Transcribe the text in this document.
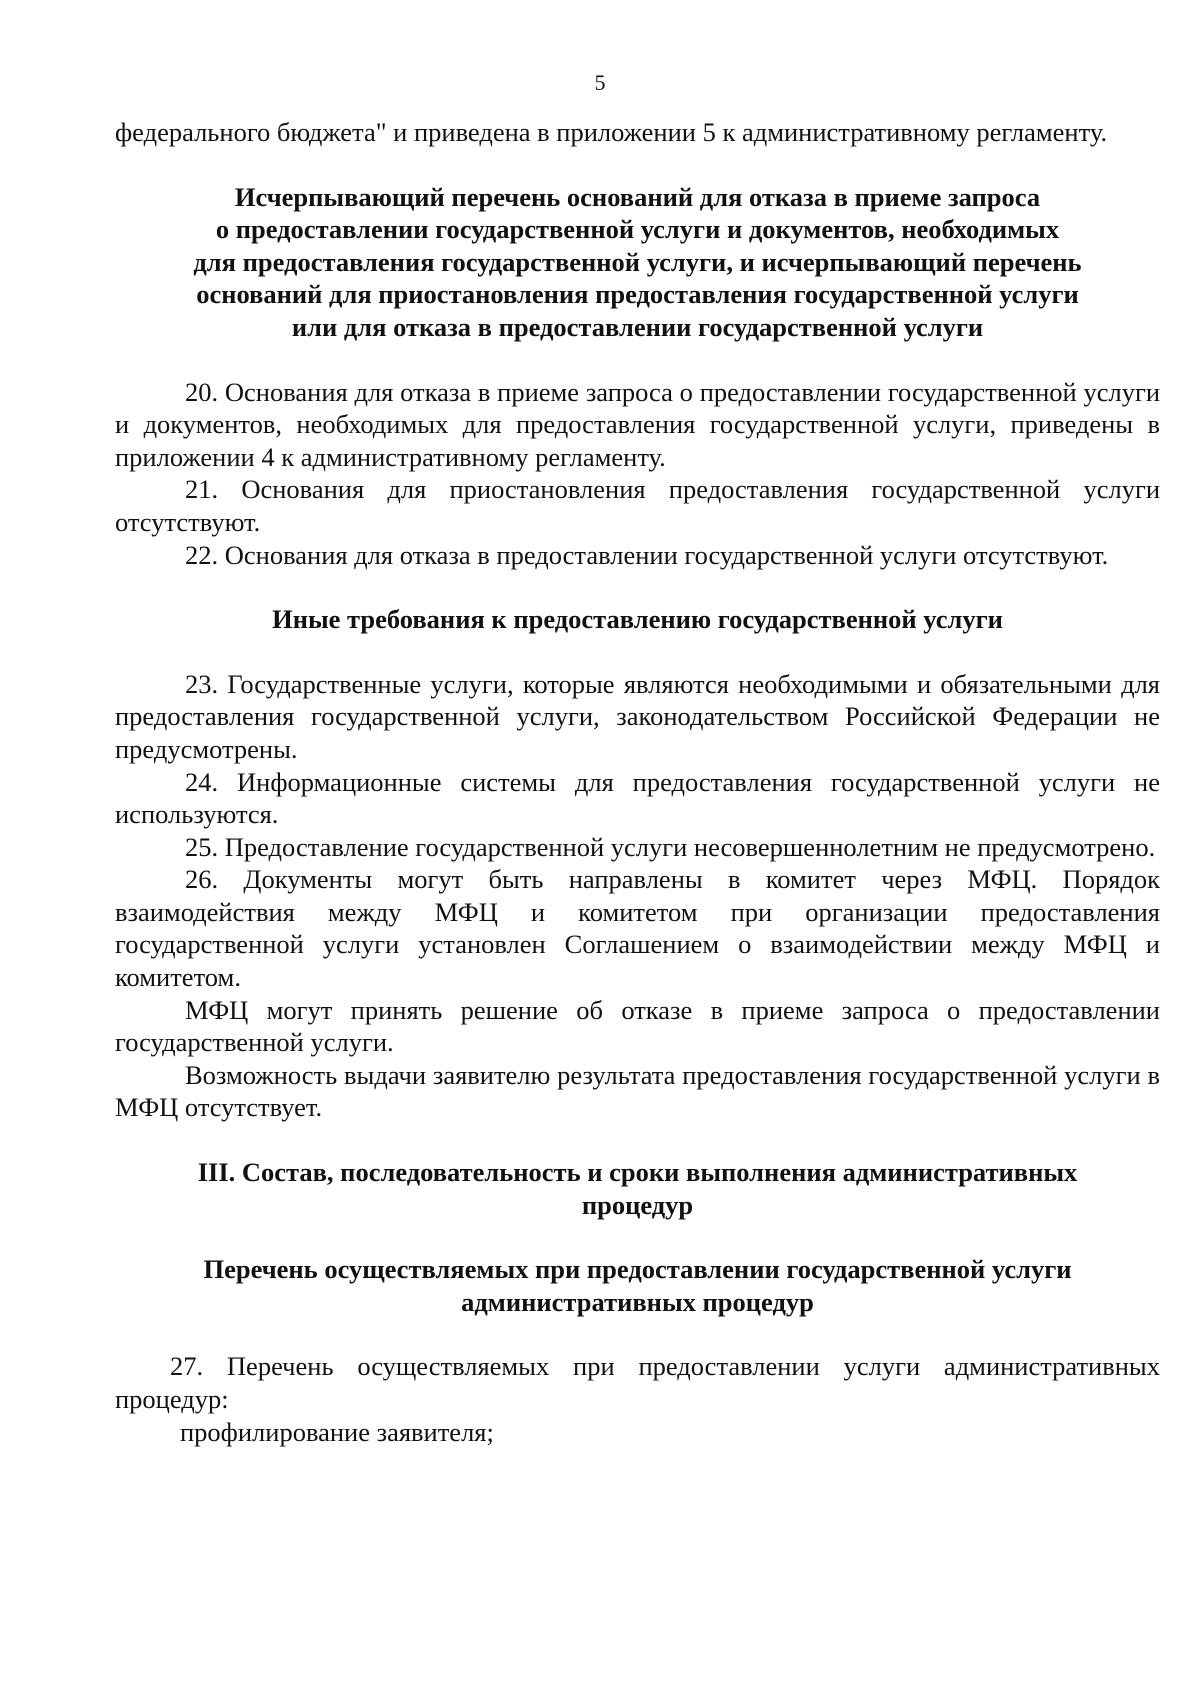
5

федерального бюджета" и приведена в приложении 5 к административному регламенту.

Исчерпывающий перечень оснований для отказа в приеме запроса
о предоставлении государственной услуги и документов, необходимых
для предоставления государственной услуги, и исчерпывающий перечень
оснований для приостановления предоставления государственной услуги
или для отказа в предоставлении государственной услуги

20. Основания для отказа в приеме запроса о предоставлении государственной услуги и документов, необходимых для предоставления государственной услуги, приведены в приложении 4 к административному регламенту.

21. Основания для приостановления предоставления государственной услуги отсутствуют.

22. Основания для отказа в предоставлении государственной услуги отсутствуют.

Иные требования к предоставлению государственной услуги

23. Государственные услуги, которые являются необходимыми и обязательными для предоставления государственной услуги, законодательством Российской Федерации не предусмотрены.

24. Информационные системы для предоставления государственной услуги не используются.

25. Предоставление государственной услуги несовершеннолетним не предусмотрено.

26. Документы могут быть направлены в комитет через МФЦ. Порядок взаимодействия между МФЦ и комитетом при организации предоставления государственной услуги установлен Соглашением о взаимодействии между МФЦ и комитетом.

МФЦ могут принять решение об отказе в приеме запроса о предоставлении государственной услуги.

Возможность выдачи заявителю результата предоставления государственной услуги в МФЦ отсутствует.

III. Состав, последовательность и сроки выполнения административных
процедур
Перечень осуществляемых при предоставлении государственной услуги
административных процедур

27. Перечень осуществляемых при предоставлении услуги административных процедур:

профилирование заявителя;
